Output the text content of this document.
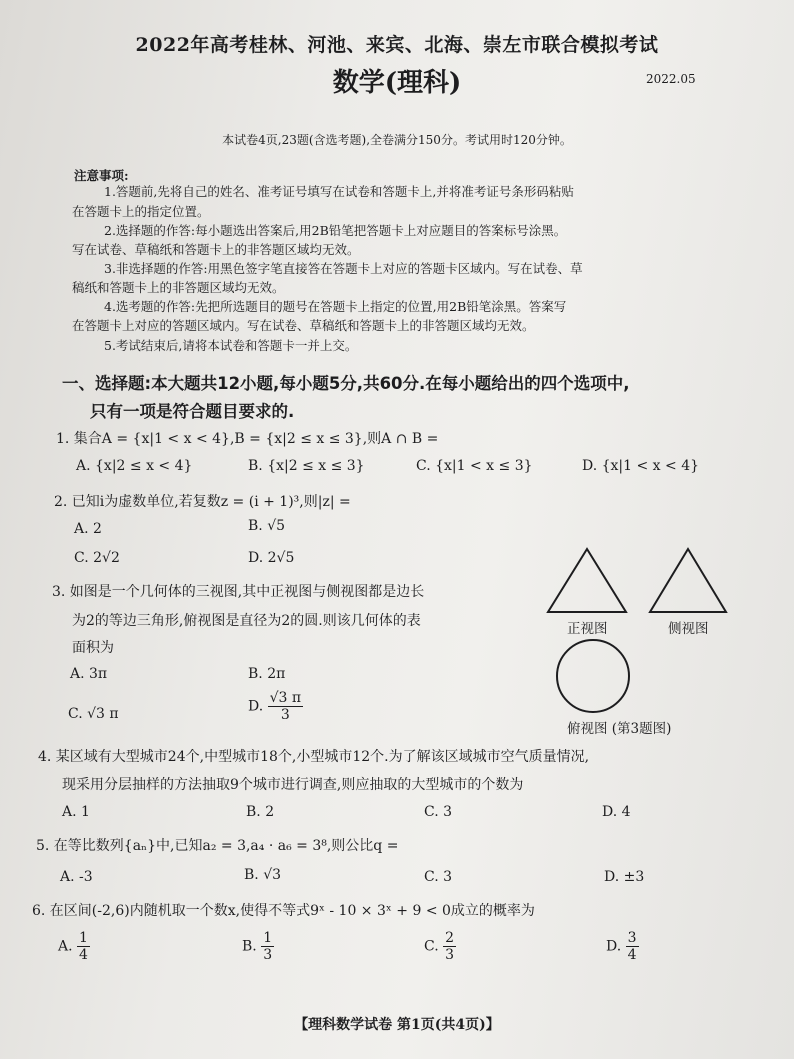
2022年高考桂林、河池、来宾、北海、崇左市联合模拟考试
数学(理科)	2022.05
本试卷4页,23题(含选考题),全卷满分150分。考试用时120分钟。
注意事项:
1.答题前,先将自己的姓名、准考证号填写在试卷和答题卡上,并将准考证号条形码粘贴
在答题卡上的指定位置。
2.选择题的作答:每小题选出答案后,用2B铅笔把答题卡上对应题目的答案标号涂黑。
写在试卷、草稿纸和答题卡上的非答题区域均无效。
3.非选择题的作答:用黑色签字笔直接答在答题卡上对应的答题卡区域内。写在试卷、草
稿纸和答题卡上的非答题区域均无效。
4.选考题的作答:先把所选题目的题号在答题卡上指定的位置,用2B铅笔涂黑。答案写
在答题卡上对应的答题区域内。写在试卷、草稿纸和答题卡上的非答题区域均无效。
5.考试结束后,请将本试卷和答题卡一并上交。
一、选择题:本大题共12小题,每小题5分,共60分.在每小题给出的四个选项中,
只有一项是符合题目要求的.
1. 集合A = {x|1 < x < 4},B = {x|2 ≤ x ≤ 3},则A ∩ B =
A. {x|2 ≤ x < 4}	B. {x|2 ≤ x ≤ 3}	C. {x|1 < x ≤ 3}	D. {x|1 < x < 4}
2. 已知i为虚数单位,若复数z = (i + 1)³,则|z| =
A. 2	B. √5
C. 2√2	D. 2√5
3. 如图是一个几何体的三视图,其中正视图与侧视图都是边长
为2的等边三角形,俯视图是直径为2的圆.则该几何体的表
面积为
A. 3π	B. 2π
C. √3 π	D. $\frac{√3 \pi}{3}$
正视图	侧视图
俯视图 (第3题图)
4. 某区域有大型城市24个,中型城市18个,小型城市12个.为了解该区域城市空气质量情况,
现采用分层抽样的方法抽取9个城市进行调查,则应抽取的大型城市的个数为
A. 1	B. 2	C. 3	D. 4
5. 在等比数列{aₙ}中,已知a₂ = 3,a₄ · a₆ = 3⁸,则公比q =
A. -3	B. √3	C. 3	D. ±3
6. 在区间(-2,6)内随机取一个数x,使得不等式9ˣ - 10 × 3ˣ + 9 < 0成立的概率为
A. $\frac{1}{4}$	B. $\frac{1}{3}$	C. $\frac{2}{3}$	D. $\frac{3}{4}$
【理科数学试卷 第1页(共4页)】
